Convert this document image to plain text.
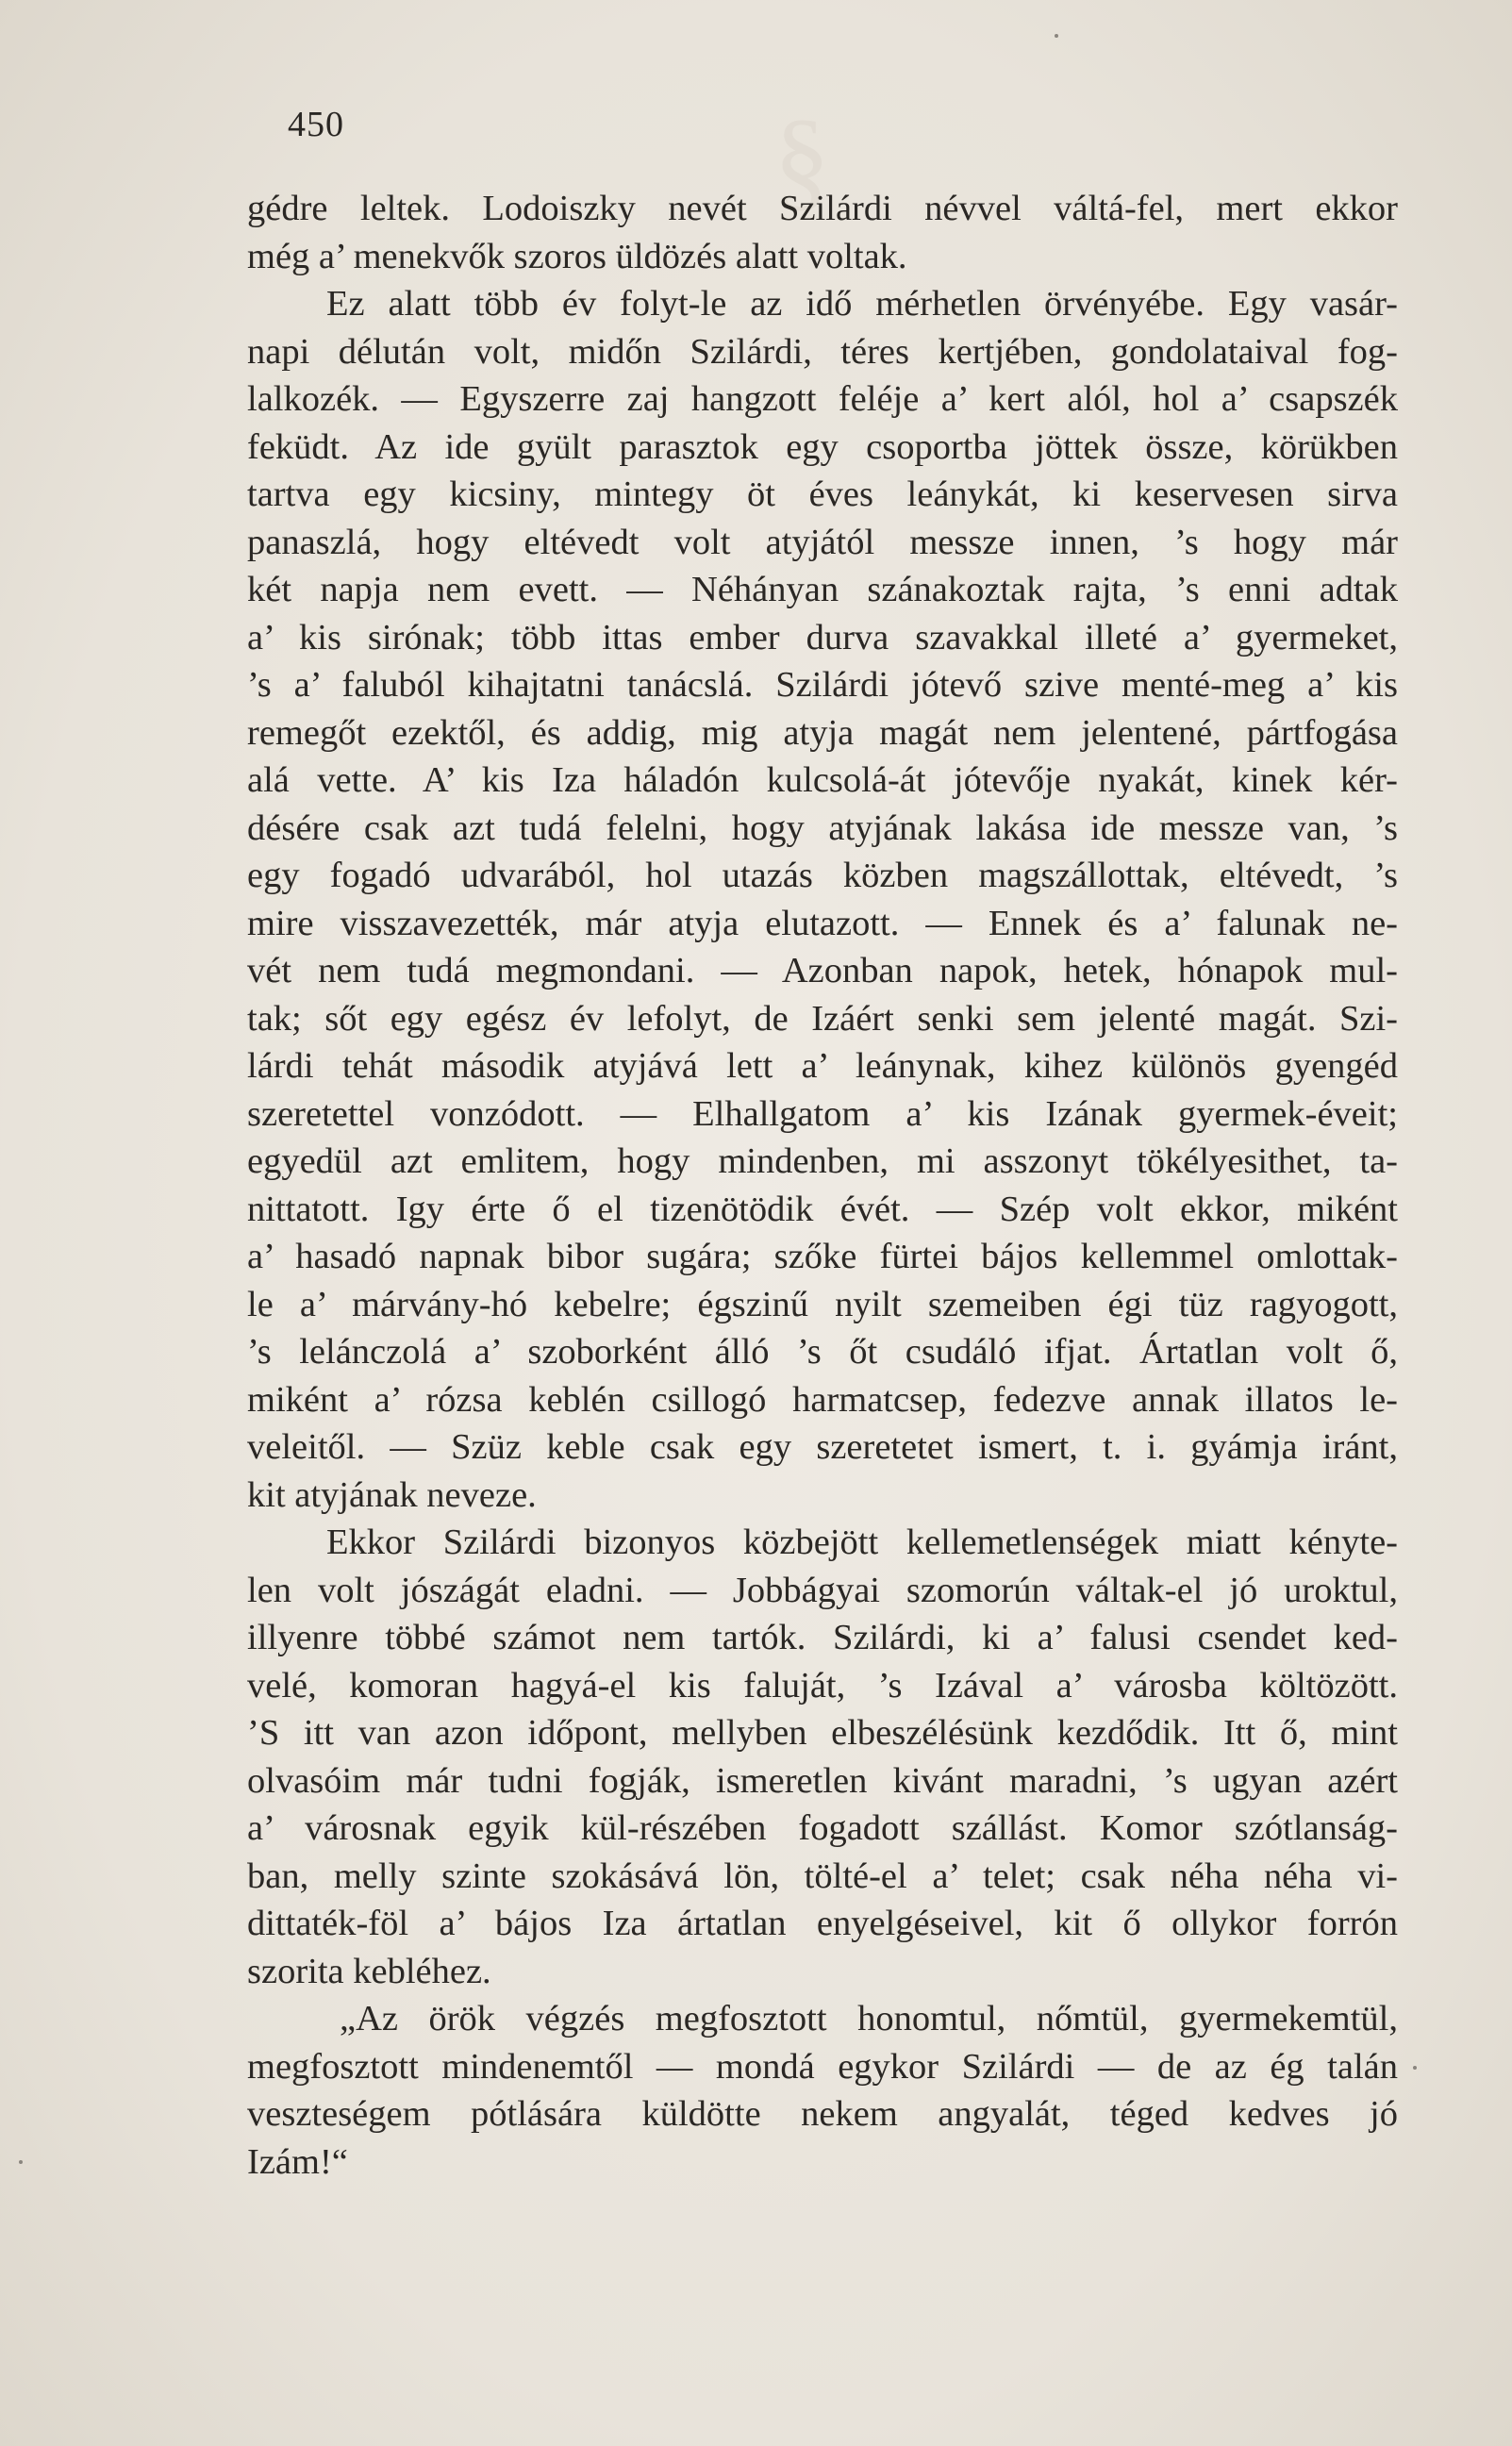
§
450
gédre leltek. Lodoiszky nevét Szilárdi névvel váltá-fel, mert ekkor
még a’ menekvők szoros üldözés alatt voltak.
Ez alatt több év folyt-le az idő mérhetlen örvényébe. Egy vasár-
napi délután volt, midőn Szilárdi, téres kertjében, gondolataival fog-
lalkozék. — Egyszerre zaj hangzott feléje a’ kert alól, hol a’ csapszék
feküdt. Az ide gyült parasztok egy csoportba jöttek össze, körükben
tartva egy kicsiny, mintegy öt éves leánykát, ki keservesen sirva
panaszlá, hogy eltévedt volt atyjától messze innen, ’s hogy már
két napja nem evett. — Néhányan szánakoztak rajta, ’s enni adtak
a’ kis sirónak; több ittas ember durva szavakkal illeté a’ gyermeket,
’s a’ faluból kihajtatni tanácslá. Szilárdi jótevő szive menté-meg a’ kis
remegőt ezektől, és addig, mig atyja magát nem jelentené, pártfogása
alá vette. A’ kis Iza háladón kulcsolá-át jótevője nyakát, kinek kér-
désére csak azt tudá felelni, hogy atyjának lakása ide messze van, ’s
egy fogadó udvarából, hol utazás közben magszállottak, eltévedt, ’s
mire visszavezették, már atyja elutazott. — Ennek és a’ falunak ne-
vét nem tudá megmondani. — Azonban napok, hetek, hónapok mul-
tak; sőt egy egész év lefolyt, de Izáért senki sem jelenté magát. Szi-
lárdi tehát második atyjává lett a’ leánynak, kihez különös gyengéd
szeretettel vonzódott. — Elhallgatom a’ kis Izának gyermek-éveit;
egyedül azt emlitem, hogy mindenben, mi asszonyt tökélyesithet, ta-
nittatott. Igy érte ő el tizenötödik évét. — Szép volt ekkor, miként
a’ hasadó napnak bibor sugára; szőke fürtei bájos kellemmel omlottak-
le a’ márvány-hó kebelre; égszinű nyilt szemeiben égi tüz ragyogott,
’s lelánczolá a’ szoborként álló ’s őt csudáló ifjat. Ártatlan volt ő,
miként a’ rózsa keblén csillogó harmatcsep, fedezve annak illatos le-
veleitől. — Szüz keble csak egy szeretetet ismert, t. i. gyámja iránt,
kit atyjának neveze.
Ekkor Szilárdi bizonyos közbejött kellemetlenségek miatt kényte-
len volt jószágát eladni. — Jobbágyai szomorún váltak-el jó uroktul,
illyenre többé számot nem tartók. Szilárdi, ki a’ falusi csendet ked-
velé, komoran hagyá-el kis faluját, ’s Izával a’ városba költözött.
’S itt van azon időpont, mellyben elbeszélésünk kezdődik. Itt ő, mint
olvasóim már tudni fogják, ismeretlen kivánt maradni, ’s ugyan azért
a’ városnak egyik kül-részében fogadott szállást. Komor szótlanság-
ban, melly szinte szokásává lön, tölté-el a’ telet; csak néha néha vi-
dittaték-föl a’ bájos Iza ártatlan enyelgéseivel, kit ő ollykor forrón
szorita kebléhez.
„Az örök végzés megfosztott honomtul, nőmtül, gyermekemtül,
megfosztott mindenemtől — mondá egykor Szilárdi — de az ég talán
veszteségem pótlására küldötte nekem angyalát, téged kedves jó
Izám!“
